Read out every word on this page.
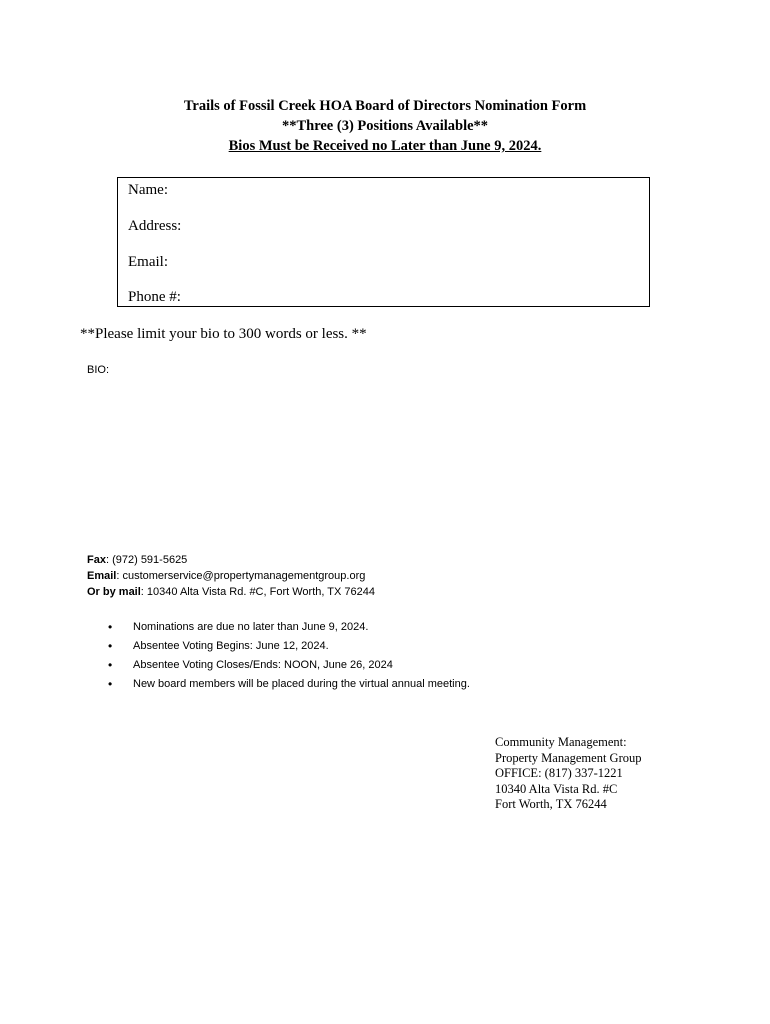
Trails of Fossil Creek HOA Board of Directors Nomination Form
**Three (3) Positions Available**
Bios Must be Received no Later than June 9, 2024.
Name:
Address:
Email:
Phone #:
**Please limit your bio to 300 words or less. **
BIO:
Fax: (972) 591-5625
Email: customerservice@propertymanagementgroup.org
Or by mail: 10340 Alta Vista Rd. #C, Fort Worth, TX 76244
• Nominations are due no later than June 9, 2024.
• Absentee Voting Begins: June 12, 2024.
• Absentee Voting Closes/Ends: NOON, June 26, 2024
• New board members will be placed during the virtual annual meeting.
Community Management:
Property Management Group
OFFICE: (817) 337-1221
10340 Alta Vista Rd. #C
Fort Worth, TX 76244
